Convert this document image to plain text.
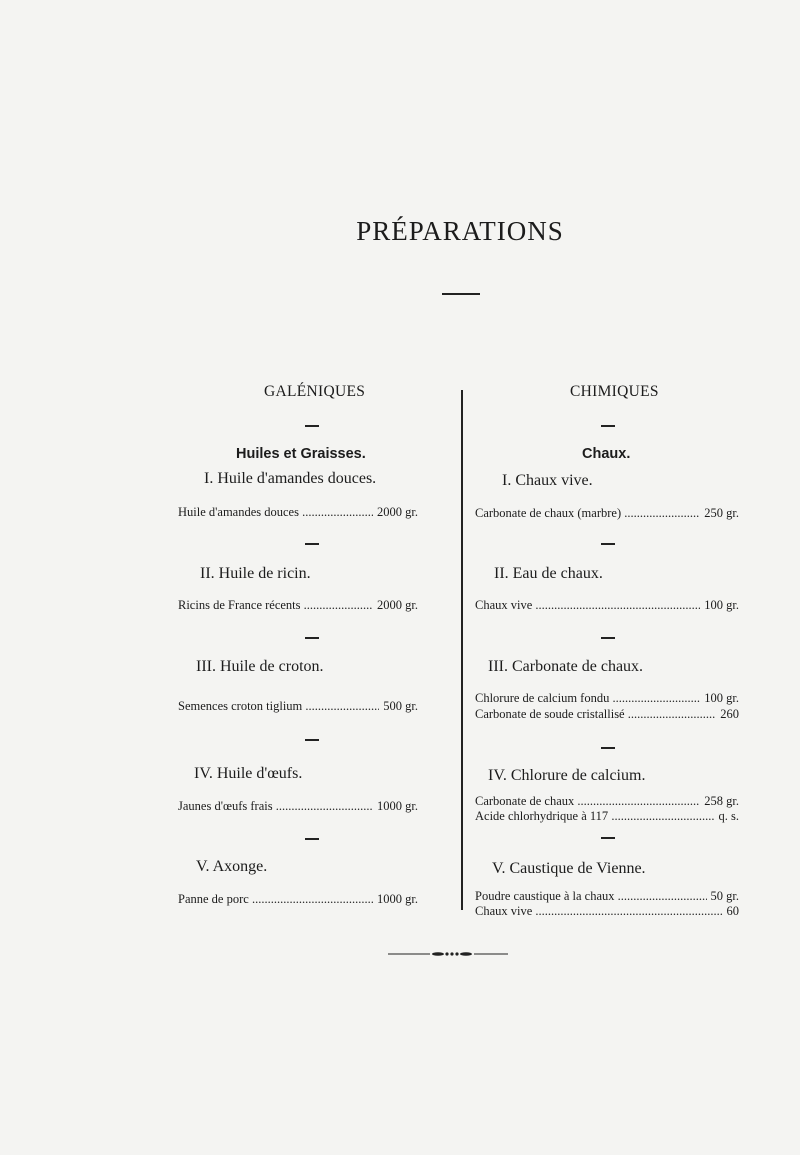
PRÉPARATIONS
GALÉNIQUES	CHIMIQUES
Huiles et Graisses.
I. Huile d'amandes douces.
Huile d'amandes douces .....	2000 gr.
II. Huile de ricin.
Ricins de France récents .....	2000 gr.
III. Huile de croton.
Semences croton tiglium .....	500 gr.
IV. Huile d'œufs.
Jaunes d'œufs frais .....	1000 gr.
V. Axonge.
Panne de porc .....	1000 gr.
Chaux.
I. Chaux vive.
Carbonate de chaux (marbre) .....	250 gr.
II. Eau de chaux.
Chaux vive .....	100 gr.
III. Carbonate de chaux.
Chlorure de calcium fondu .....	100 gr.
Carbonate de soude cristallisé .....	260
IV. Chlorure de calcium.
Carbonate de chaux .....	258 gr.
Acide chlorhydrique à 117 .....	q. s.
V. Caustique de Vienne.
Poudre caustique à la chaux .....	50 gr.
Chaux vive .....	60
